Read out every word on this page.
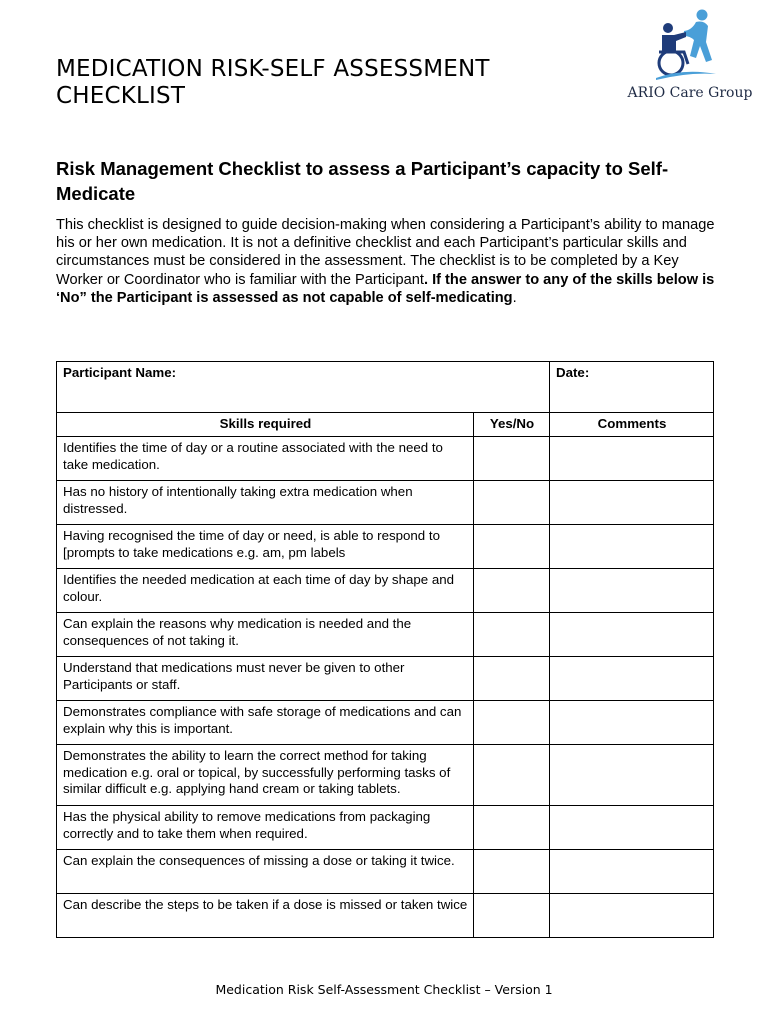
MEDICATION RISK-SELF ASSESSMENT CHECKLIST	ARIO Care Group
Risk Management Checklist to assess a Participant’s capacity to Self-Medicate

This checklist is designed to guide decision-making when considering a Participant’s ability to manage his or her own medication. It is not a definitive checklist and each Participant’s particular skills and circumstances must be considered in the assessment. The checklist is to be completed by a Key Worker or Coordinator who is familiar with the Participant. If the answer to any of the skills below is ‘No” the Participant is assessed as not capable of self-medicating.

Participant Name:		Date:
Skills required	Yes/No	Comments
Identifies the time of day or a routine associated with the need to take medication.		
Has no history of intentionally taking extra medication when distressed.		
Having recognised the time of day or need, is able to respond to [prompts to take medications e.g. am, pm labels		
Identifies the needed medication at each time of day by shape and colour.		
Can explain the reasons why medication is needed and the consequences of not taking it.		
Understand that medications must never be given to other Participants or staff.		
Demonstrates compliance with safe storage of medications and can explain why this is important.		
Demonstrates the ability to learn the correct method for taking medication e.g. oral or topical, by successfully performing tasks of similar difficult e.g. applying hand cream or taking tablets.		
Has the physical ability to remove medications from packaging correctly and to take them when required.		
Can explain the consequences of missing a dose or taking it twice.		
Can describe the steps to be taken if a dose is missed or taken twice		
Medication Risk Self-Assessment Checklist – Version 1
